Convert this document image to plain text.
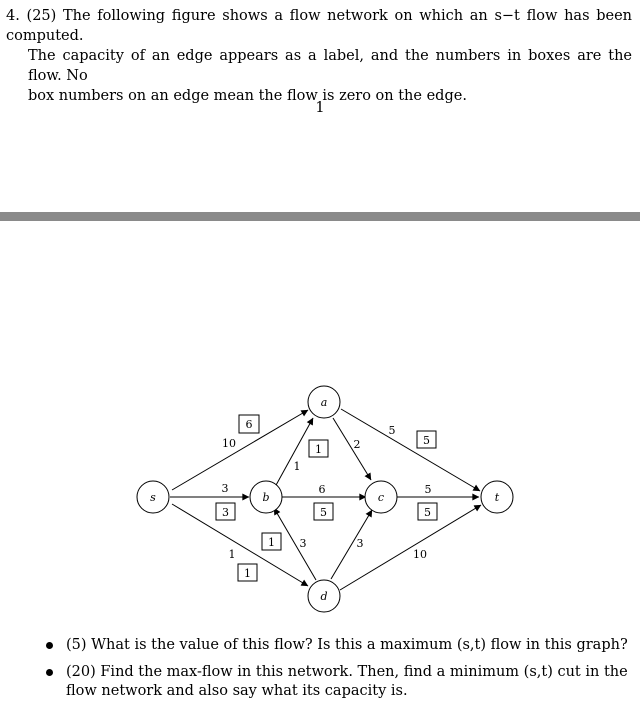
4. (25) The following figure shows a flow network on which an s−t flow has been computed.
The capacity of an edge appears as a label, and the numbers in boxes are the flow. No
box numbers on an edge mean the flow is zero on the edge.
1
s
a
b	c
d
t
6
3
1
1
5
5
1
5
10
3
1
1
2
5
6
3	3
5
10
(5) What is the value of this flow? Is this a maximum (s,t) flow in this graph?
(20) Find the max-flow in this network. Then, find a minimum (s,t) cut in the flow network and also say what its capacity is.
